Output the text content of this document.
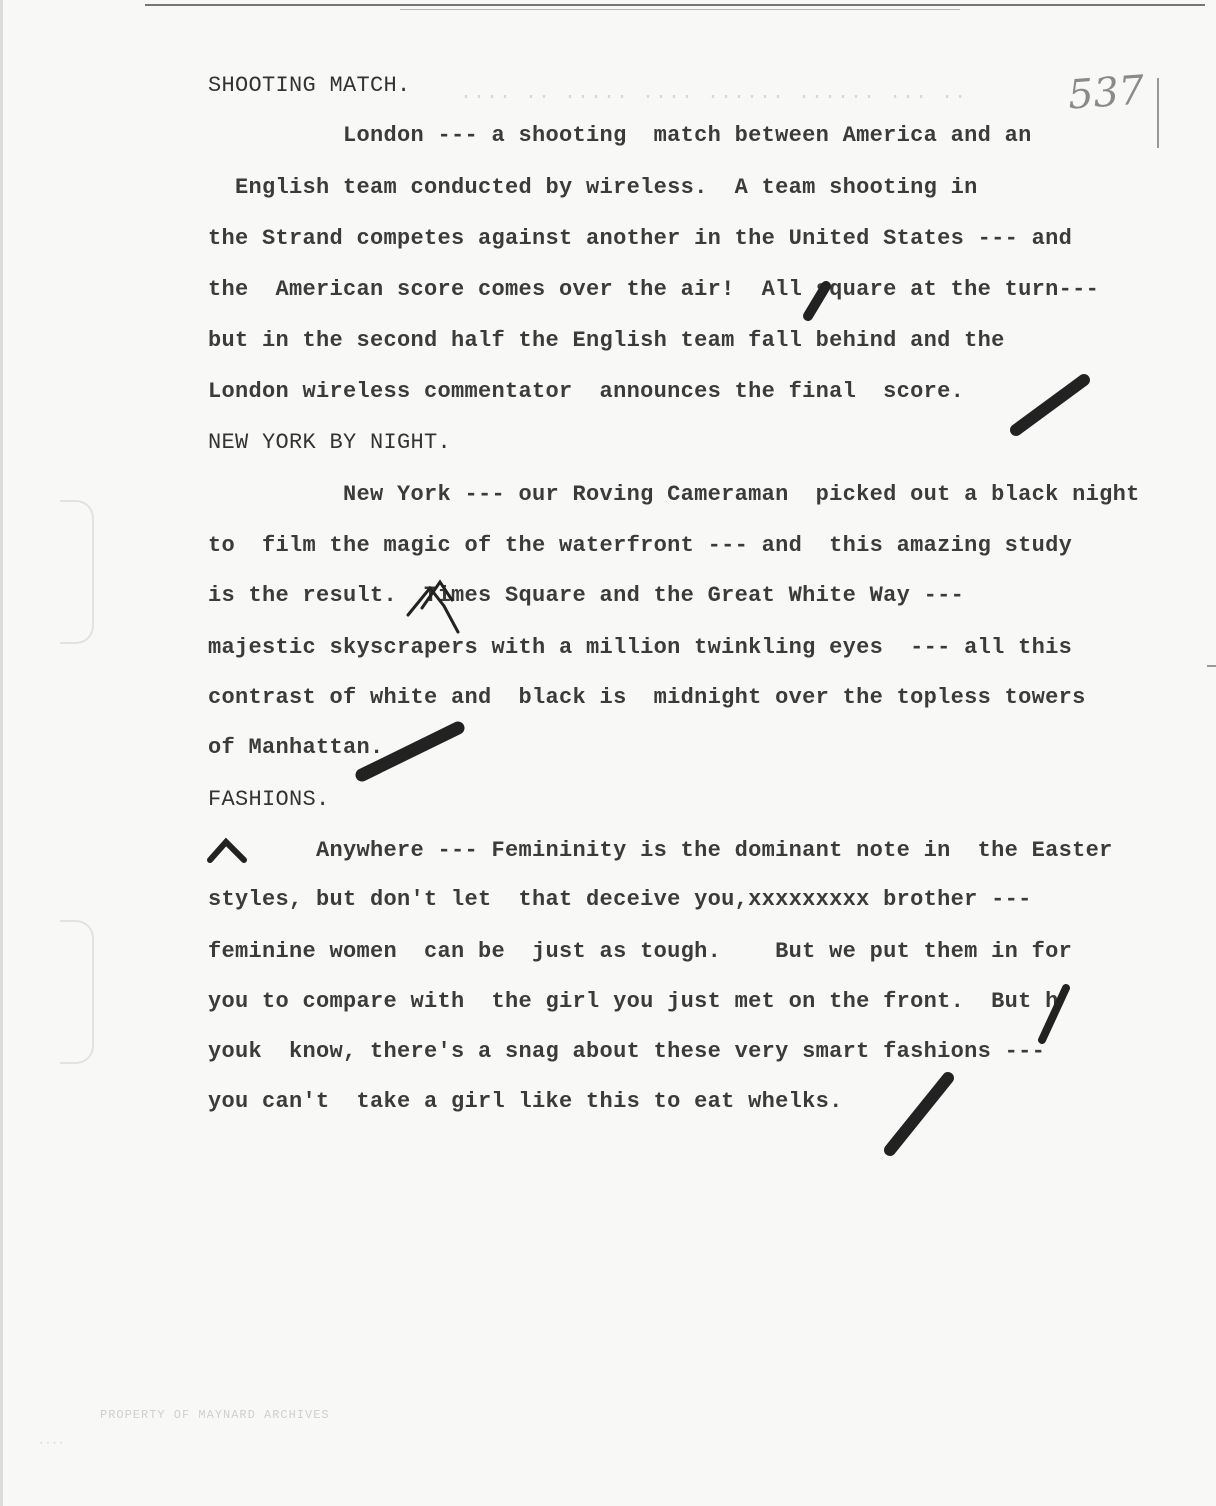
···· ·· ····· ···· ······ ······ ··· ·· 537
SHOOTING MATCH.
London --- a shooting  match between America and an
English team conducted by wireless.  A team shooting in
the Strand competes against another in the United States --- and
the  American score comes over the air!  All square at the turn---
but in the second half the English team fall behind and the
London wireless commentator  announces the final  score.
NEW YORK BY NIGHT.
New York --- our Roving Cameraman  picked out a black night
to  film the magic of the waterfront --- and  this amazing study
is the result.  Times Square and the Great White Way ---
majestic skyscrapers with a million twinkling eyes  --- all this
contrast of white and  black is  midnight over the topless towers
of Manhattan.
FASHIONS.
Anywhere --- Femininity is the dominant note in  the Easter
styles, but don't let  that deceive you,xxxxxxxxx brother ---
feminine women  can be  just as tough.    But we put them in for
you to compare with  the girl you just met on the front.  But h
youk  know, there's a snag about these very smart fashions ---
you can't  take a girl like this to eat whelks.
PROPERTY OF MAYNARD ARCHIVES
····
